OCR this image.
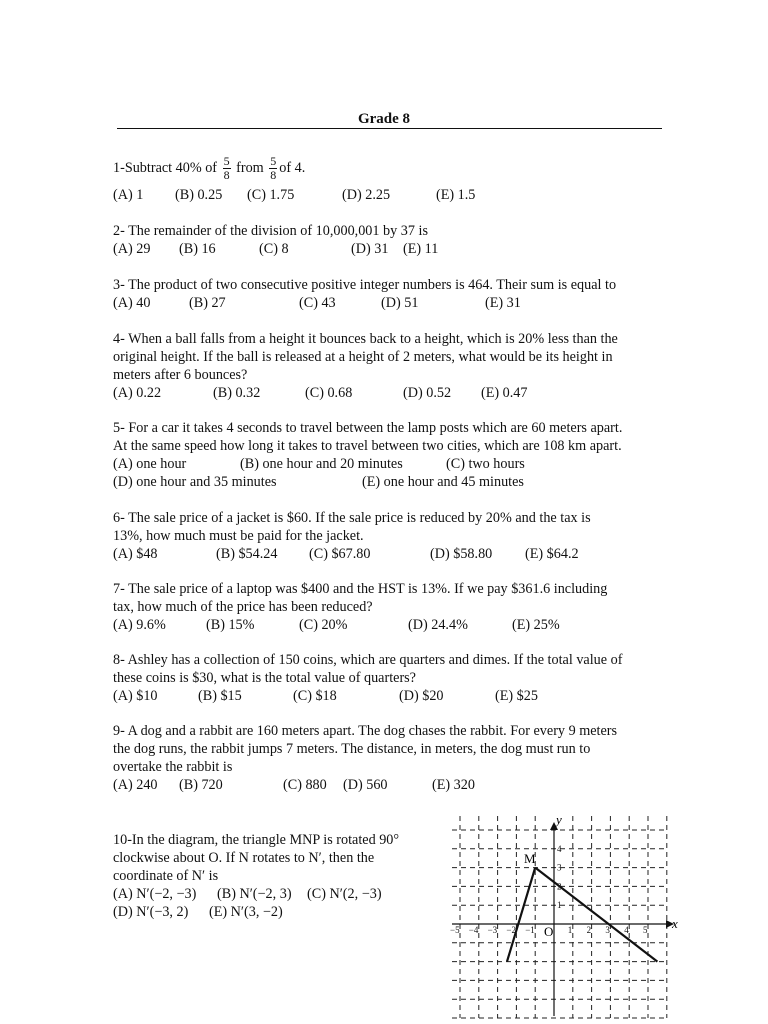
Grade 8
1-Subtract 40% of $\frac{5}{8}$ from $\frac{5}{8}$ of 4.
(A) 1 (B) 0.25 (C) 1.75	(D) 2.25	(E) 1.5
2- The remainder of the division of 10,000,001 by 37 is
(A) 29 (B) 16	(C) 8	(D) 31 (E) 11
3- The product of two consecutive positive integer numbers is 464. Their sum is equal to
(A) 40	(B) 27	(C) 43	(D) 51	(E) 31
4- When a ball falls from a height it bounces back to a height, which is 20% less than the
original height. If the ball is released at a height of 2 meters, what would be its height in
meters after 6 bounces?
(A) 0.22	(B) 0.32	(C) 0.68	(D) 0.52 (E) 0.47
5- For a car it takes 4 seconds to travel between the lamp posts which are 60 meters apart.
At the same speed how long it takes to travel between two cities, which are 108 km apart.
(A) one hour	(B) one hour and 20 minutes	(C) two hours
(D) one hour and 35 minutes	(E) one hour and 45 minutes
6- The sale price of a jacket is $60. If the sale price is reduced by 20% and the tax is
13%, how much must be paid for the jacket.
(A) $48	(B) $54.24 (C) $67.80	(D) $58.80 (E) $64.2
7- The sale price of a laptop was $400 and the HST is 13%. If we pay $361.6 including
tax, how much of the price has been reduced?
(A) 9.6%	(B) 15%	(C) 20%	(D) 24.4%	(E) 25%
8- Ashley has a collection of 150 coins, which are quarters and dimes. If the total value of
these coins is $30, what is the total value of quarters?
(A) $10	(B) $15	(C) $18	(D) $20	(E) $25
9- A dog and a rabbit are 160 meters apart. The dog chases the rabbit. For every 9 meters
the dog runs, the rabbit jumps 7 meters. The distance, in meters, the dog must run to
overtake the rabbit is
(A) 240 (B) 720	(C) 880 (D) 560	(E) 320
10-In the diagram, the triangle MNP is rotated 90°
clockwise about O. If N rotates to N′, then the
coordinate of N′ is
(A) N′(−2, −3) (B) N′(−2, 3) (C) N′(2, −3)
(D) N′(−3, 2) (E) N′(3, −2)
x
y
O
M
−5 −4 −3 −2 −1	1 2 3 4 5
4
3
1
